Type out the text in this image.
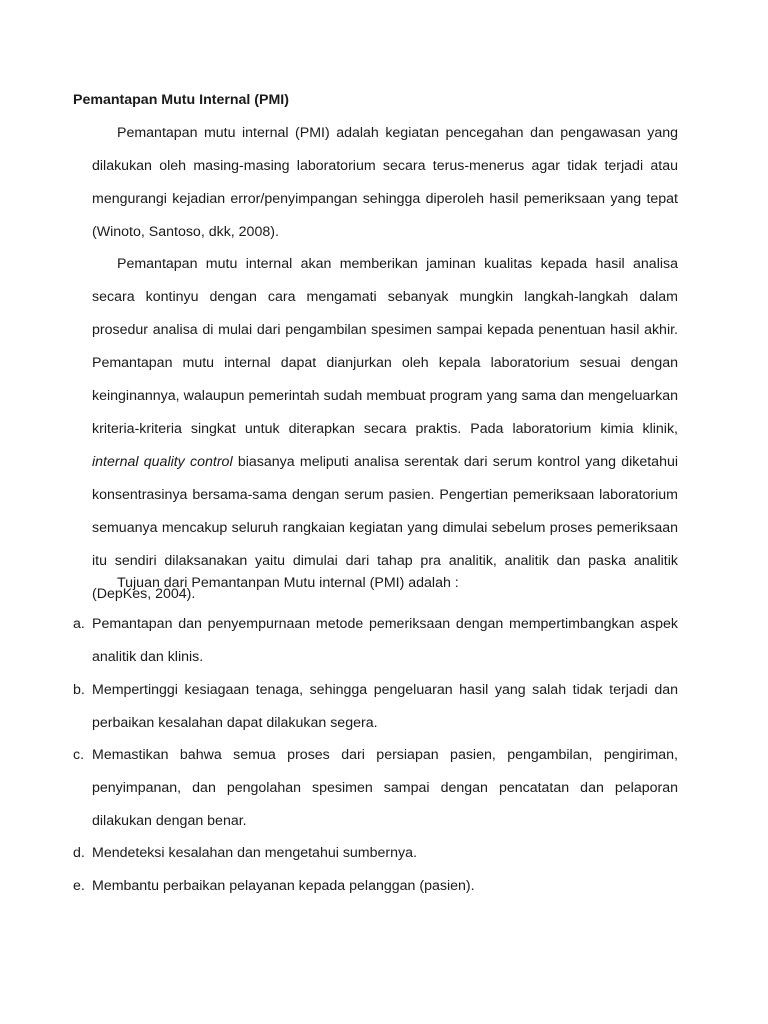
Pemantapan Mutu Internal (PMI)

Pemantapan mutu internal (PMI) adalah kegiatan pencegahan dan pengawasan yang dilakukan oleh masing-masing laboratorium secara terus-menerus agar tidak terjadi atau mengurangi kejadian error/penyimpangan sehingga diperoleh hasil pemeriksaan yang tepat (Winoto, Santoso, dkk, 2008).

Pemantapan mutu internal akan memberikan jaminan kualitas kepada hasil analisa secara kontinyu dengan cara mengamati sebanyak mungkin langkah-langkah dalam prosedur analisa di mulai dari pengambilan spesimen sampai kepada penentuan hasil akhir. Pemantapan mutu internal dapat dianjurkan oleh kepala laboratorium sesuai dengan keinginannya, walaupun pemerintah sudah membuat program yang sama dan mengeluarkan kriteria-kriteria singkat untuk diterapkan secara praktis. Pada laboratorium kimia klinik, internal quality control biasanya meliputi analisa serentak dari serum kontrol yang diketahui konsentrasinya bersama-sama dengan serum pasien. Pengertian pemeriksaan laboratorium semuanya mencakup seluruh rangkaian kegiatan yang dimulai sebelum proses pemeriksaan itu sendiri dilaksanakan yaitu dimulai dari tahap pra analitik, analitik dan paska analitik (DepKes, 2004).

Tujuan dari Pemantanpan Mutu internal (PMI) adalah :
a. Pemantapan dan penyempurnaan metode pemeriksaan dengan mempertimbangkan aspek analitik dan klinis.
b. Mempertinggi kesiagaan tenaga, sehingga pengeluaran hasil yang salah tidak terjadi dan perbaikan kesalahan dapat dilakukan segera.
c. Memastikan bahwa semua proses dari persiapan pasien, pengambilan, pengiriman, penyimpanan, dan pengolahan spesimen sampai dengan pencatatan dan pelaporan dilakukan dengan benar.
d. Mendeteksi kesalahan dan mengetahui sumbernya.
e. Membantu perbaikan pelayanan kepada pelanggan (pasien).
